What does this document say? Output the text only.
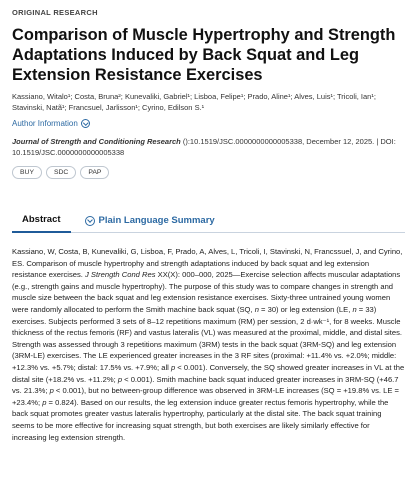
ORIGINAL RESEARCH
Comparison of Muscle Hypertrophy and Strength Adaptations Induced by Back Squat and Leg Extension Resistance Exercises
Kassiano, Witalo¹; Costa, Bruna²; Kunevaliki, Gabriel¹; Lisboa, Felipe¹; Prado, Aline¹; Alves, Luis¹; Tricoli, Ian¹; Stavinski, Natã¹; Francsuel, Jarlisson¹; Cyrino, Edilson S.¹
Author Information
Journal of Strength and Conditioning Research ():10.1519/JSC.0000000000005338, December 12, 2025. | DOI: 10.1519/JSC.0000000000005338
BUY	SDC	PAP
Abstract	Plain Language Summary
Kassiano, W, Costa, B, Kunevaliki, G, Lisboa, F, Prado, A, Alves, L, Tricoli, I, Stavinski, N, Francssuel, J, and Cyrino, ES. Comparison of muscle hypertrophy and strength adaptations induced by back squat and leg extension resistance exercises. J Strength Cond Res XX(X): 000–000, 2025—Exercise selection affects muscular adaptations (e.g., strength gains and muscle hypertrophy). The purpose of this study was to compare changes in strength and muscle size between the back squat and leg extension resistance exercises. Sixty-three untrained young women were randomly allocated to perform the Smith machine back squat (SQ, n = 30) or leg extension (LE, n = 33) exercises. Subjects performed 3 sets of 8–12 repetitions maximum (RM) per session, 2 d·wk⁻¹, for 8 weeks. Muscle thickness of the rectus femoris (RF) and vastus lateralis (VL) was measured at the proximal, middle, and distal sites. Strength was assessed through 3 repetitions maximum (3RM) tests in the back squat (3RM-SQ) and leg extension (3RM-LE) exercises. The LE experienced greater increases in the 3 RF sites (proximal: +11.4% vs. +2.0%; middle: +12.3% vs. +5.7%; distal: 17.5% vs. +7.9%; all p < 0.001). Conversely, the SQ showed greater increases in VL at the distal site (+18.2% vs. +11.2%; p < 0.001). Smith machine back squat induced greater increases in 3RM-SQ (+46.7 vs. 21.3%; p < 0.001), but no between-group difference was observed in 3RM-LE increases (SQ = +19.8% vs. LE = +23.4%; p = 0.824). Based on our results, the leg extension induce greater rectus femoris hypertrophy, while the back squat promotes greater vastus lateralis hypertrophy, particularly at the distal site. The back squat training seems to be more effective for increasing squat strength, but both exercises are likely similarly effective for increasing leg extension strength.
